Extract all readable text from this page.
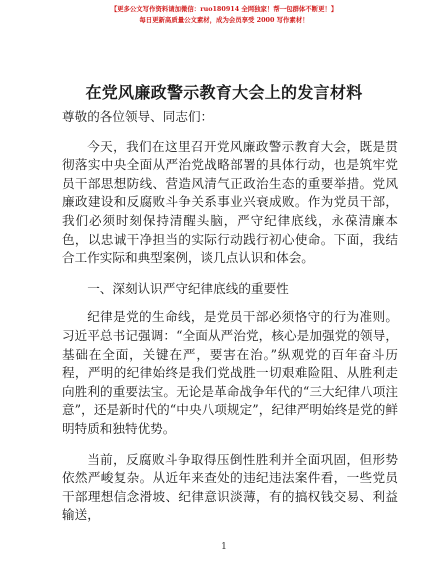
【更多公文写作资料请加微信：ruo180914 全网独家！帮一包群体不断更！】
每日更新高质量公文素材，成为会员享受 2000 写作素材！
在党风廉政警示教育大会上的发言材料

尊敬的各位领导、同志们：

今天，我们在这里召开党风廉政警示教育大会，既是贯彻落实中央全面从严治党战略部署的具体行动，也是筑牢党员干部思想防线、营造风清气正政治生态的重要举措。党风廉政建设和反腐败斗争关系事业兴衰成败。作为党员干部，我们必须时刻保持清醒头脑，严守纪律底线，永葆清廉本色，以忠诚干净担当的实际行动践行初心使命。下面，我结合工作实际和典型案例，谈几点认识和体会。

一、深刻认识严守纪律底线的重要性

纪律是党的生命线，是党员干部必须恪守的行为准则。习近平总书记强调：“全面从严治党，核心是加强党的领导，基础在全面，关键在严，要害在治。”纵观党的百年奋斗历程，严明的纪律始终是我们党战胜一切艰难险阻、从胜利走向胜利的重要法宝。无论是革命战争年代的“三大纪律八项注意”，还是新时代的“中央八项规定”，纪律严明始终是党的鲜明特质和独特优势。

当前，反腐败斗争取得压倒性胜利并全面巩固，但形势依然严峻复杂。从近年来查处的违纪违法案件看，一些党员干部理想信念滑坡、纪律意识淡薄，有的搞权钱交易、利益输送，

1
